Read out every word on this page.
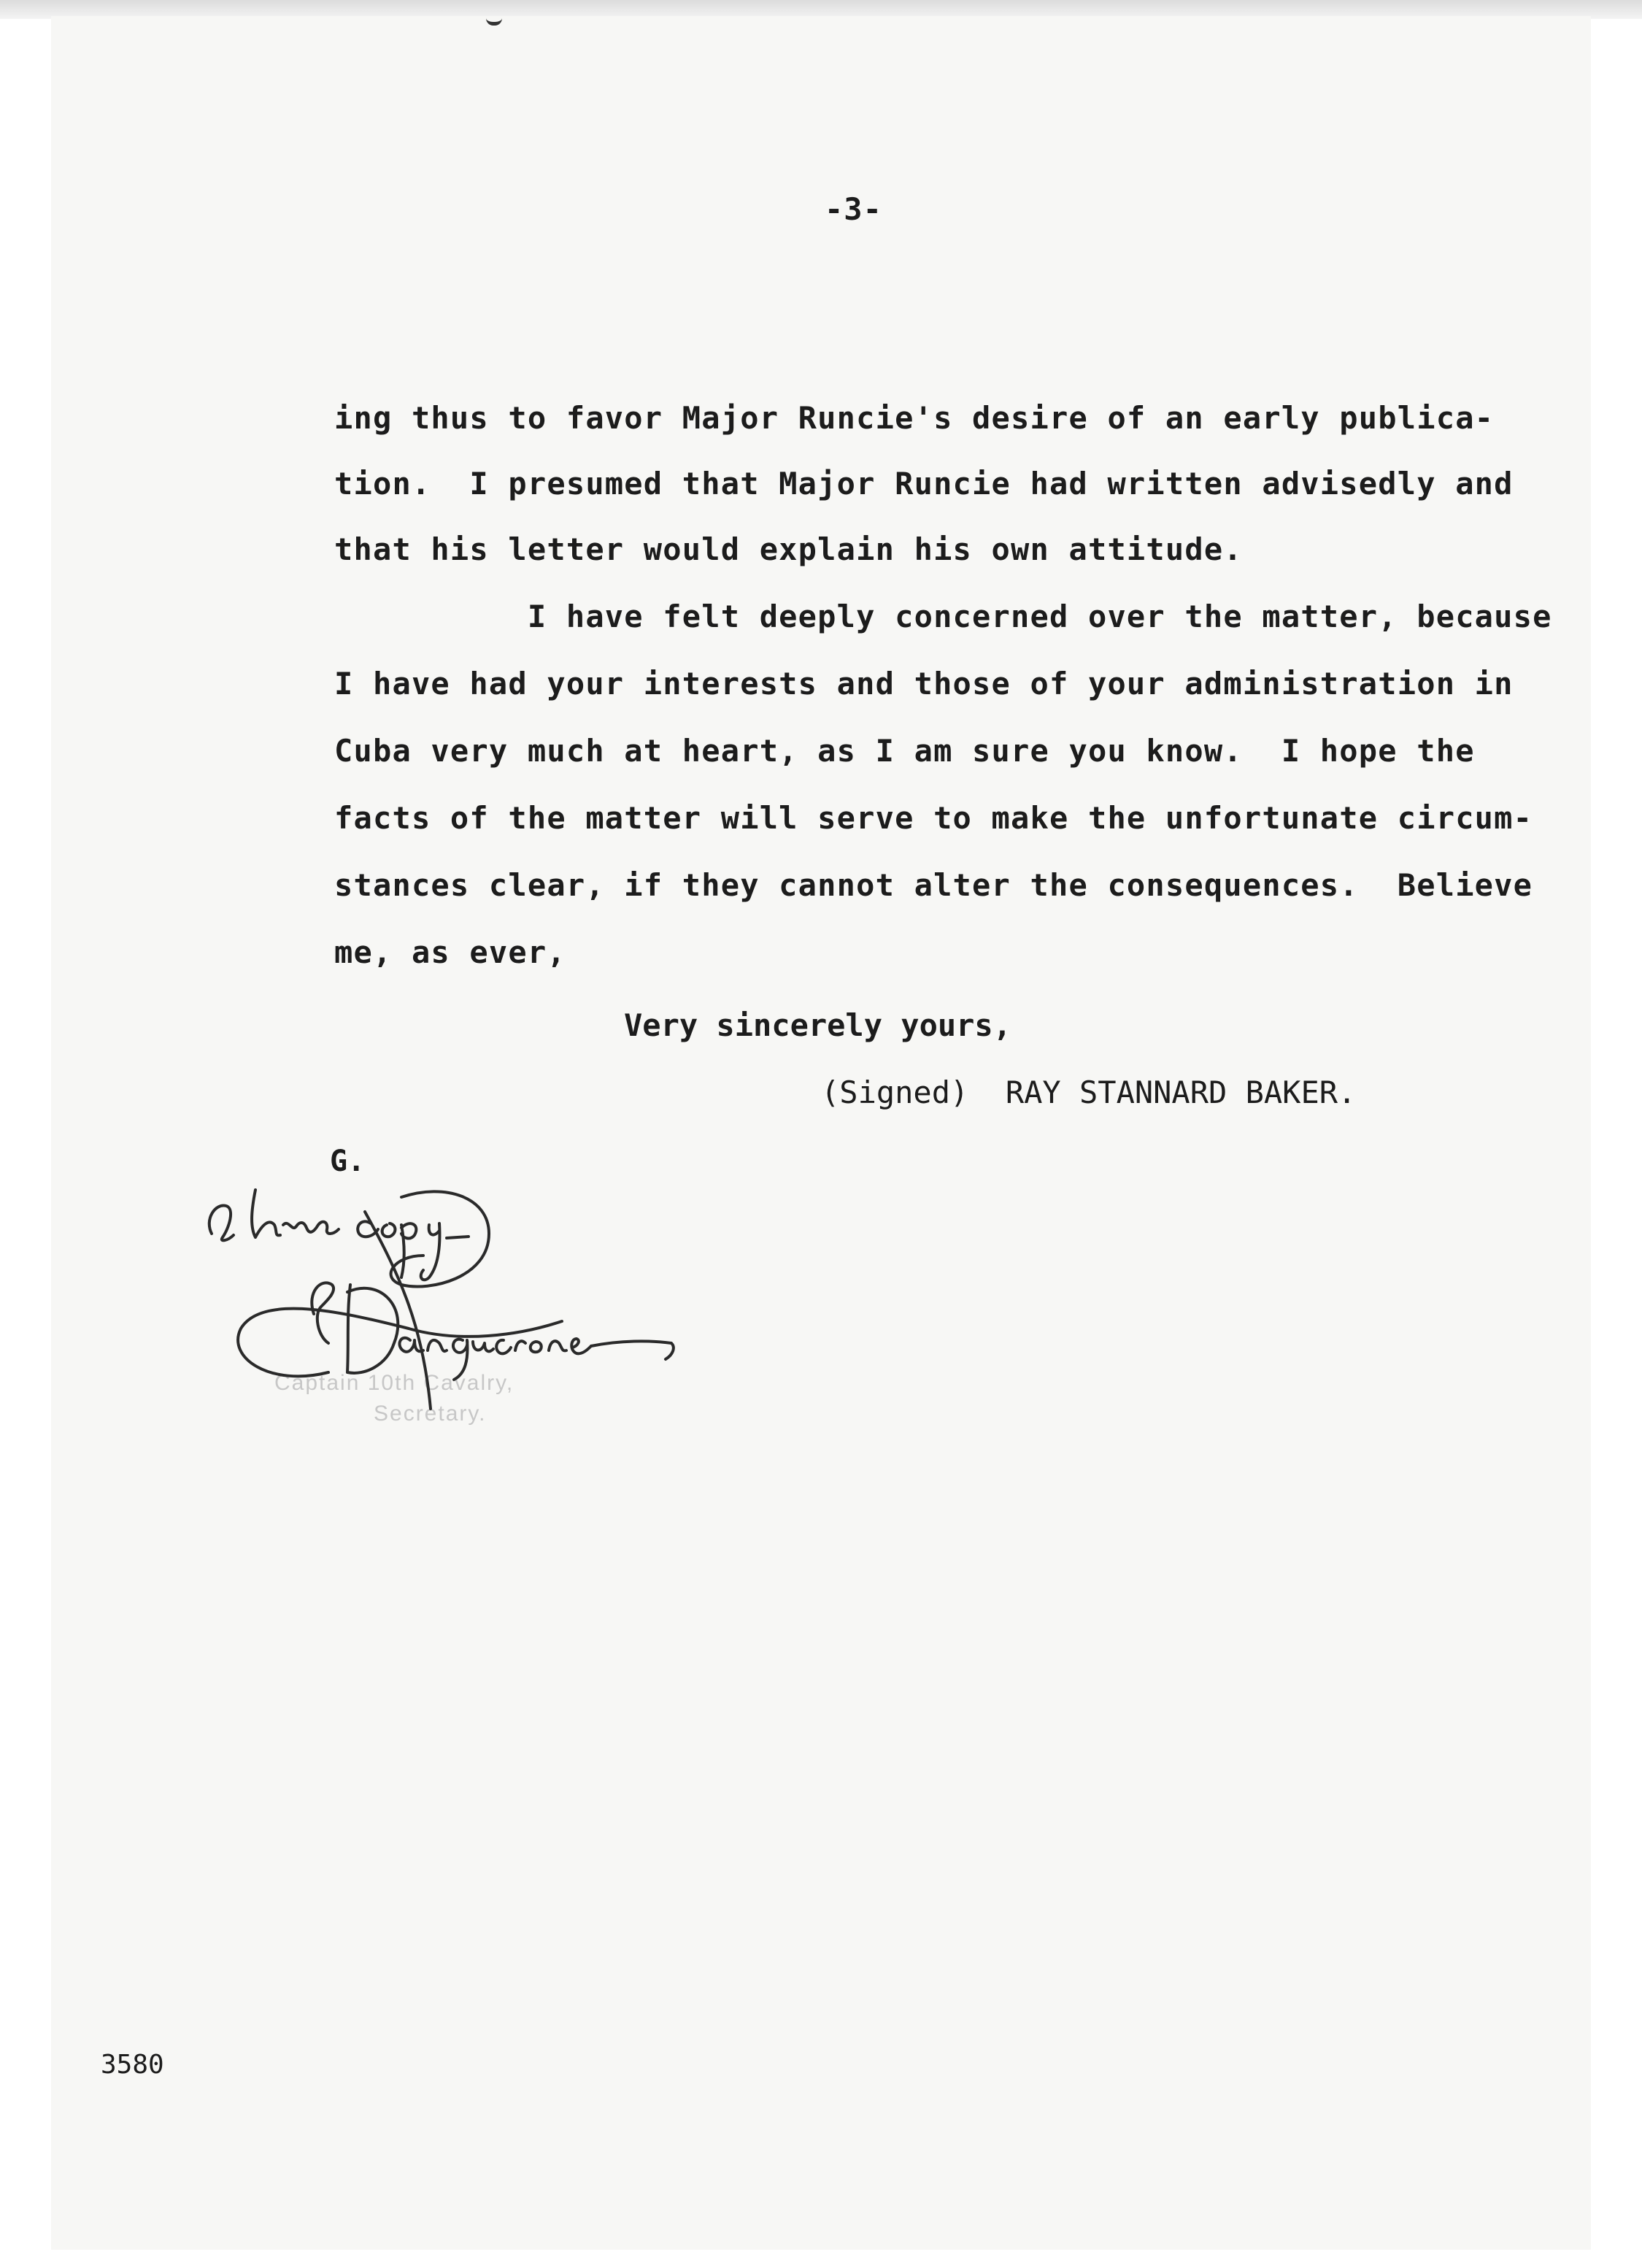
-3-
ing thus to favor Major Runcie's desire of an early publica-
tion.  I presumed that Major Runcie had written advisedly and
that his letter would explain his own attitude.
I have felt deeply concerned over the matter, because
I have had your interests and those of your administration in
Cuba very much at heart, as I am sure you know.  I hope the
facts of the matter will serve to make the unfortunate circum-
stances clear, if they cannot alter the consequences.  Believe
me, as ever,
Very sincerely yours,
(Signed)  RAY STANNARD BAKER.
G.
Captain 10th Cavalry,
Secretary.
3580
